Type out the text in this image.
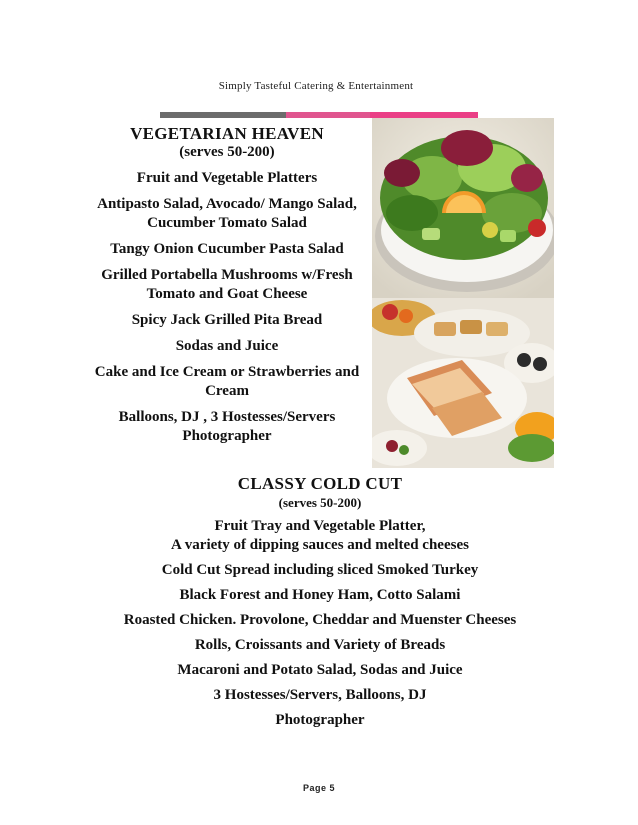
Simply Tasteful Catering & Entertainment
VEGETARIAN HEAVEN
(serves 50-200)
Fruit and Vegetable Platters
Antipasto Salad, Avocado/ Mango Salad,
Cucumber Tomato Salad
Tangy Onion Cucumber Pasta Salad
Grilled Portabella Mushrooms w/Fresh
Tomato and Goat Cheese
Spicy Jack Grilled Pita Bread
Sodas and Juice
Cake and Ice Cream or Strawberries and
Cream
Balloons, DJ , 3 Hostesses/Servers
Photographer
CLASSY COLD CUT
(serves 50-200)
Fruit Tray and Vegetable Platter,
A variety of dipping sauces and melted cheeses
Cold Cut Spread including sliced Smoked Turkey
Black Forest and Honey Ham, Cotto Salami
Roasted Chicken. Provolone, Cheddar and Muenster Cheeses
Rolls, Croissants and Variety of Breads
Macaroni and Potato Salad, Sodas and Juice
3 Hostesses/Servers, Balloons, DJ
Photographer
Page 5
